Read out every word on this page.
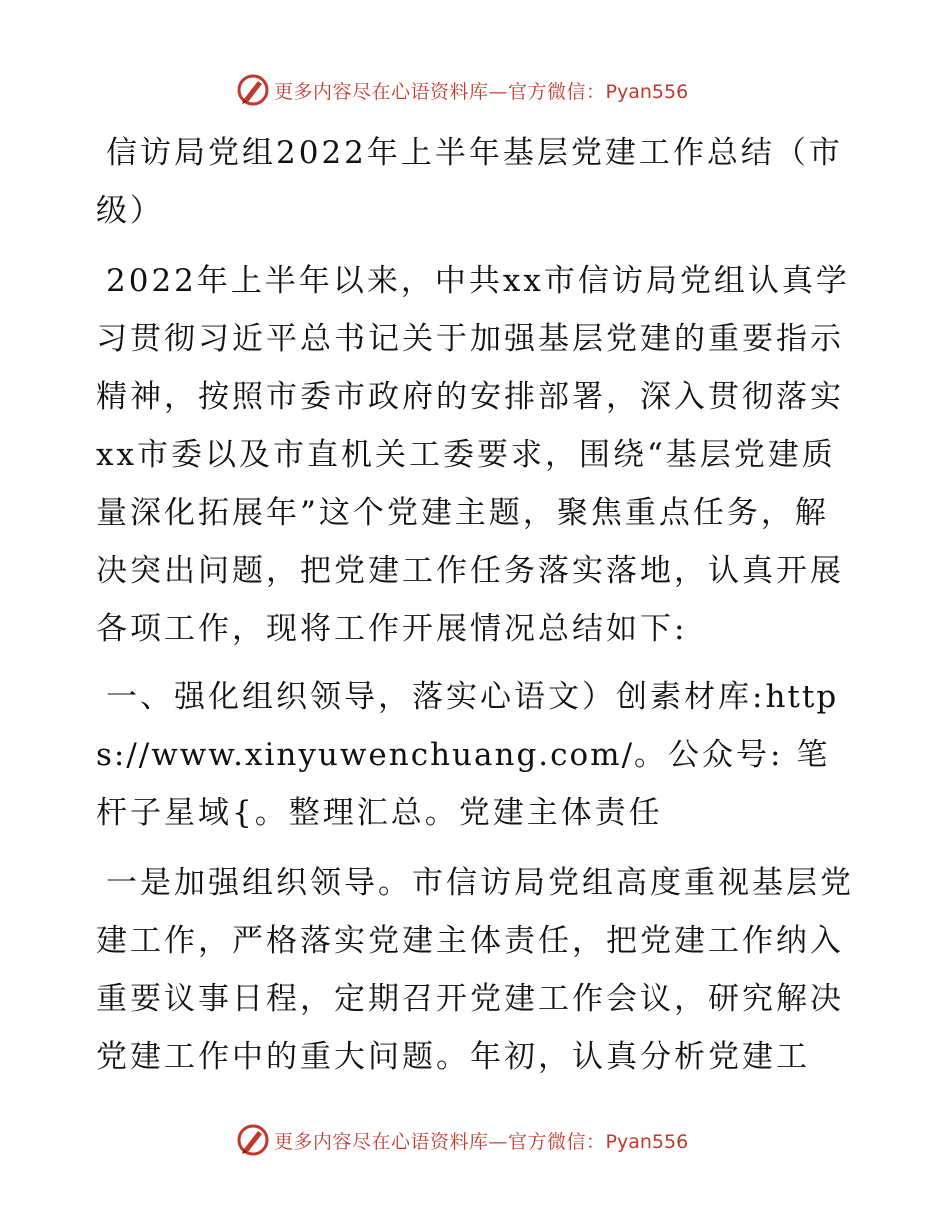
更多内容尽在心语资料库—官方微信：Pyan556

信访局党组2022年上半年基层党建工作总结（市级）

2022年上半年以来，中共xx市信访局党组认真学习贯彻习近平总书记关于加强基层党建的重要指示精神，按照市委市政府的安排部署，深入贯彻落实xx市委以及市直机关工委要求，围绕“基层党建质量深化拓展年”这个党建主题，聚焦重点任务，解决突出问题，把党建工作任务落实落地，认真开展各项工作，现将工作开展情况总结如下:

一、强化组织领导，落实心语文）创素材库:https://www.xinyuwenchuang.com/。公众号: 笔杆子星域{。整理汇总。党建主体责任

一是加强组织领导。市信访局党组高度重视基层党建工作，严格落实党建主体责任，把党建工作纳入重要议事日程，定期召开党建工作会议，研究解决党建工作中的重大问题。年初，认真分析党建工

更多内容尽在心语资料库—官方微信：Pyan556
